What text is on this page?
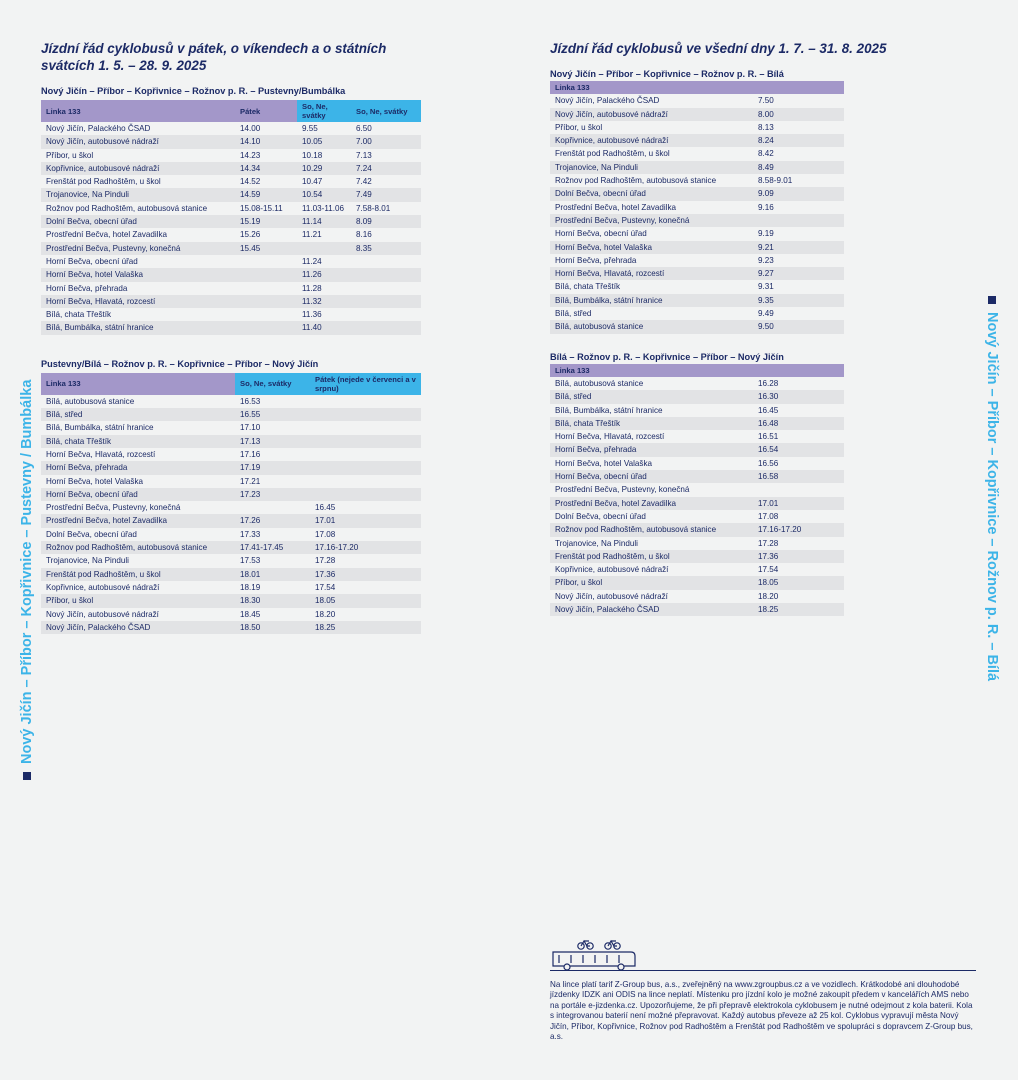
Nový Jičín – Příbor – Kopřivnice – Pustevny / Bumbálka	Nový Jičín – Příbor – Kopřivnice – Rožnov p. R. – Bílá
Jízdní řád cyklobusů v pátek, o víkendech a o státních svátcích 1. 5. – 28. 9. 2025
Nový Jičín – Příbor – Kopřivnice – Rožnov p. R. – Pustevny/Bumbálka
Linka 133	Pátek	So, Ne, svátky	So, Ne, svátky
Nový Jičín, Palackého ČSAD	14.00	9.55	6.50
Nový Jičín, autobusové nádraží	14.10	10.05	7.00
Příbor, u škol	14.23	10.18	7.13
Kopřivnice, autobusové nádraží	14.34	10.29	7.24
Frenštát pod Radhoštěm, u škol	14.52	10.47	7.42
Trojanovice, Na Pinduli	14.59	10.54	7.49
Rožnov pod Radhoštěm, autobusová stanice	15.08-15.11	11.03-11.06	7.58-8.01
Dolní Bečva, obecní úřad	15.19	11.14	8.09
Prostřední Bečva, hotel Zavadilka	15.26	11.21	8.16
Prostřední Bečva, Pustevny, konečná	15.45		8.35
Horní Bečva, obecní úřad		11.24	
Horní Bečva, hotel Valaška		11.26	
Horní Bečva, přehrada		11.28	
Horní Bečva, Hlavatá, rozcestí		11.32	
Bílá, chata Třeštík		11.36	
Bílá, Bumbálka, státní hranice		11.40	
Pustevny/Bílá – Rožnov p. R. – Kopřivnice – Příbor – Nový Jičín
Linka 133	So, Ne, svátky	Pátek (nejede v červenci a v srpnu)
Bílá, autobusová stanice	16.53	
Bílá, střed	16.55	
Bílá, Bumbálka, státní hranice	17.10	
Bílá, chata Třeštík	17.13	
Horní Bečva, Hlavatá, rozcestí	17.16	
Horní Bečva, přehrada	17.19	
Horní Bečva, hotel Valaška	17.21	
Horní Bečva, obecní úřad	17.23	
Prostřední Bečva, Pustevny, konečná		16.45
Prostřední Bečva, hotel Zavadilka	17.26	17.01
Dolní Bečva, obecní úřad	17.33	17.08
Rožnov pod Radhoštěm, autobusová stanice	17.41-17.45	17.16-17.20
Trojanovice, Na Pinduli	17.53	17.28
Frenštát pod Radhoštěm, u škol	18.01	17.36
Kopřivnice, autobusové nádraží	18.19	17.54
Příbor, u škol	18.30	18.05
Nový Jičín, autobusové nádraží	18.45	18.20
Nový Jičín, Palackého ČSAD	18.50	18.25
Jízdní řád cyklobusů ve všední dny 1. 7. – 31. 8. 2025
Nový Jičín – Příbor – Kopřivnice – Rožnov p. R. – Bílá
Linka 133	
Nový Jičín, Palackého ČSAD	7.50
Nový Jičín, autobusové nádraží	8.00
Příbor, u škol	8.13
Kopřivnice, autobusové nádraží	8.24
Frenštát pod Radhoštěm, u škol	8.42
Trojanovice, Na Pinduli	8.49
Rožnov pod Radhoštěm, autobusová stanice	8.58-9.01
Dolní Bečva, obecní úřad	9.09
Prostřední Bečva, hotel Zavadilka	9.16
Prostřední Bečva, Pustevny, konečná	
Horní Bečva, obecní úřad	9.19
Horní Bečva, hotel Valaška	9.21
Horní Bečva, přehrada	9.23
Horní Bečva, Hlavatá, rozcestí	9.27
Bílá, chata Třeštík	9.31
Bílá, Bumbálka, státní hranice	9.35
Bílá, střed	9.49
Bílá, autobusová stanice	9.50
Bílá – Rožnov p. R. – Kopřivnice – Příbor – Nový Jičín
Linka 133	
Bílá, autobusová stanice	16.28
Bílá, střed	16.30
Bílá, Bumbálka, státní hranice	16.45
Bílá, chata Třeštík	16.48
Horní Bečva, Hlavatá, rozcestí	16.51
Horní Bečva, přehrada	16.54
Horní Bečva, hotel Valaška	16.56
Horní Bečva, obecní úřad	16.58
Prostřední Bečva, Pustevny, konečná	
Prostřední Bečva, hotel Zavadilka	17.01
Dolní Bečva, obecní úřad	17.08
Rožnov pod Radhoštěm, autobusová stanice	17.16-17.20
Trojanovice, Na Pinduli	17.28
Frenštát pod Radhoštěm, u škol	17.36
Kopřivnice, autobusové nádraží	17.54
Příbor, u škol	18.05
Nový Jičín, autobusové nádraží	18.20
Nový Jičín, Palackého ČSAD	18.25
Na lince platí tarif Z-Group bus, a.s., zveřejněný na www.zgroupbus.cz a ve vozidlech. Krátkodobé ani dlouhodobé jízdenky IDZK ani ODIS na lince neplatí. Místenku pro jízdní kolo je možné zakoupit předem v kancelářích AMS nebo na portále e-jizdenka.cz. Upozorňujeme, že při přepravě elektrokola cyklobusem je nutné odejmout z kola baterii. Kola s integrovanou baterií není možné přepravovat. Každý autobus převeze až 25 kol. Cyklobus vypravují města Nový Jičín, Příbor, Kopřivnice, Rožnov pod Radhoštěm a Frenštát pod Radhoštěm ve spolupráci s dopravcem Z-Group bus, a.s.
